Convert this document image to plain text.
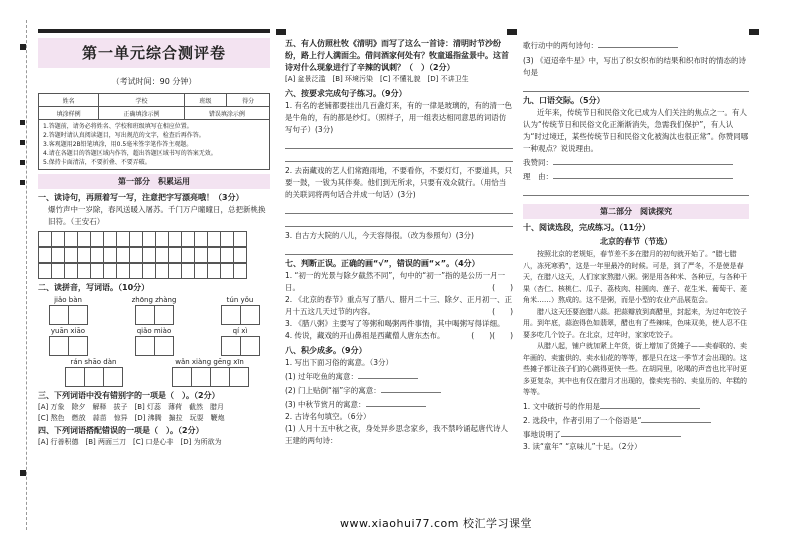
第一单元综合测评卷
（考试时间：90 分钟）
姓名	学校	班级	得分
填涂样例	正确填涂示例	错误填涂示例	
1.答题前，请务必将姓名、学校和班级填写在相应位置。
2.答题时请认真阅读题目，写出规范的文字，检查后再作答。
3.客观题用2B铅笔填涂，用0.5毫米签字笔作答主观题。
4.请在各题目的答题区域内作答，超出答题区域书写的答案无效。
5.保持卡面清洁，不要折叠、不要弄破。
第一部分　积累运用
一、读诗句，再照着写一写，注意把字写漂亮哦！（3分）
爆竹声中一岁除，春风送暖入屠苏。千门万户曈曈日，总把新桃换旧符。（王安石）
二、读拼音，写词语。（10分）
jiǎo bàn	zhōng zhàng	tún yǒu
yuān xiāo	qiǎo miào	qí xì
rán shāo dàn	wǎn xiàng gēng xīn
三、下列词语中没有错别字的一项是（　）。（2分）
[A] 万象　除夕　解释　拔子　[B] 灯蕊　薄荷　截然　腊月
[C] 熬色　燃放　蒜苗　惊异　[D] 沸腾　搧拉　玩耍　鞭炮
四、下列词语搭配错误的一项是（　）。（2分）
[A] 行善积德　[B] 两面三刀　[C] 口是心非　[D] 为所欲为
五、有人仿照杜牧《清明》而写了这么一首诗：清明时节沙纷纷，路上行人满面尘。借问酒家何处有？牧童遥指盆景中。这首诗对什么现象进行了辛辣的讽刺？（　）（2分）
[A] 盆景泛滥　[B] 环境污染　[C] 不懂礼貌　[D] 不讲卫生
六、按要求完成句子练习。（9分）
1. 有名的老铺都要挂出几百盏灯来，有的一律是玻璃的，有的清一色是牛角的，有的都是纱灯。（照样子，用一组表达相同意思的词语仿写句子）(3分)
2. 去南藏戏的艺人们常跑雨地，不要看你，不要灯灯，不要道具，只要一鼓，一钹为其伴奏。他们到无所求，只要有戏众就行。（用恰当的关联词将两句话合并成一句话）(3分)
3. 自古方大院的八儿，今天容得很。（改为参照句）(3分)
七、判断正误。正确的画“√”，错误的画“×”。（4分）
1. “初一的光景与除夕截然不同”，句中的“初一”指的是公历一月一日。	(　　)
2. 《北京的春节》重点写了腊八、腊月二十三、除夕、正月初一、正月十五这几天过节的内容。	(　　)
3. 《腊八粥》主要写了等粥和喝粥两件事情，其中喝粥写得详细。
(　　)
4. 传说，藏戏的开山鼻祖是西藏僧人唐东杰布。	(　　)
八、积少成多。（9分）
1. 写出下面习俗的寓意。（3分）
(1) 过年吃鱼的寓意：
(2) 门上贴倒“福”字的寓意：
(3) 中秋节赏月的寓意：
2. 古诗名句填空。（6分）
(1) 人月十五中秋之夜，身处异乡思念家乡，我不禁吟诵起唐代诗人王建的两句诗：
歌行动中的两句诗句：
(3) 《迢迢牵牛星》中，写出了织女织布的结果和织布时的情态的诗句是
九、口语交际。（5分）
近年来，传统节日和民俗文化已成为人们关注的焦点之一。有人认为“传统节日和民俗文化正渐渐消失，急需我们保护”，有人认为“时过境迁，某些传统节日和民俗文化被淘汰也很正常”。你赞同哪一种观点？说说理由。
我赞同：
理　由：
第二部分　阅读探究
十、阅读选段，完成练习。（11分）
北京的春节（节选）
按照北京的老规矩，春节差不多在腊月的初旬就开始了。“腊七腊八，冻死寒鸦”，这是一年里最冷的时候。可是，到了严冬，不是使是春天，在腊八这天，人们家家熬腊八粥。粥是用各种米、各种豆，与各种干果（杏仁、核桃仁、瓜子、荔枝肉、桂圆肉、莲子、花生米、葡萄干、菱角米……）熬成的。这不是粥，而是小型的农业产品展览会。
腊八这天还要泡腊八蒜。把蒜瓣放到高醋里，封起来，为过年吃饺子用。到年底，蒜泡得色如翡翠，醋也有了些辣味，色味双美，使人忍不住要多吃几个饺子。在北京，过年时，家家吃饺子。
从腊八起，铺户就加紧上年货，街上增加了货摊子——卖春联的、卖年画的、卖蜜供的、卖水仙花的等等，都是只在这一季节才会出现的。这些摊子都让孩子们的心跳得更快一些。在胡同里，吆喝的声音也比平时更多更复杂，其中也有仅在腊月才出现的，像卖宪书的、卖皇历的、年糕的等等。
1. 文中破折号的作用是
2. 选段中，作者引用了一个俗语是“
事地说明了
3. 读“童年” “京味儿”十足。（2分）
www.xiaohui77.com 校汇学习课堂
